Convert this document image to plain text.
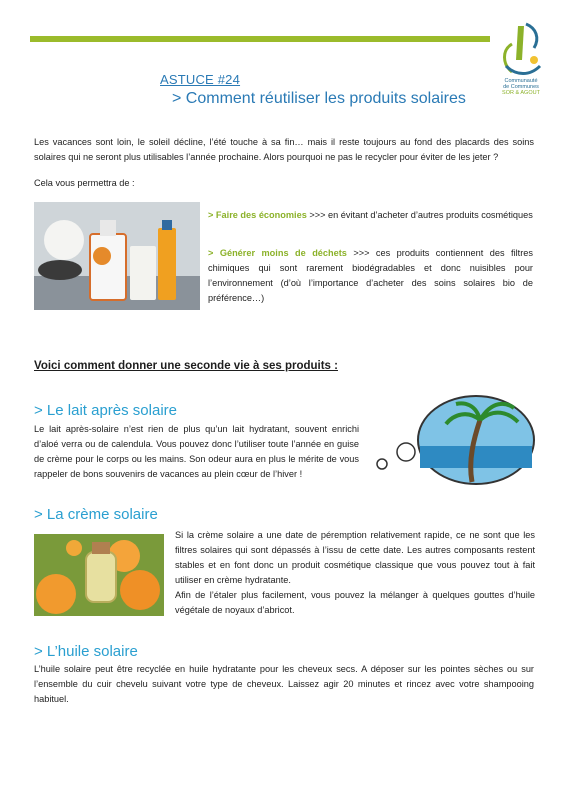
Communauté
de Communes
SOR & AGOUT
ASTUCE #24
> Comment réutiliser les produits solaires

Les vacances sont loin, le soleil décline, l’été touche à sa fin… mais il reste toujours au fond des placards des soins solaires qui ne seront plus utilisables l’année prochaine. Alors pourquoi ne pas le recycler pour éviter de les jeter ?

Cela vous permettra de :

> Faire des économies >>> en évitant d’acheter d’autres produits cosmétiques

> Générer moins de déchets >>> ces produits contiennent des filtres chimiques qui sont rarement biodégradables et donc nuisibles pour l’environnement (d’où l’importance d’acheter des soins solaires bio de préférence…)

Voici comment donner une seconde vie à ses produits :
> Le lait après solaire

Le lait après-solaire n’est rien de plus qu’un lait hydratant, souvent enrichi d’aloé verra ou de calendula. Vous pouvez donc l’utiliser toute l’année en guise de crème pour le corps ou les mains. Son odeur aura en plus le mérite de vous rappeler de bons souvenirs de vacances au plein cœur de l’hiver !

> La crème solaire

Si la crème solaire a une date de péremption relativement rapide, ce ne sont que les filtres solaires qui sont dépassés à l’issu de cette date. Les autres composants restent stables et en font donc un produit cosmétique classique que vous pouvez tout à fait utiliser en crème hydratante.

Afin de l’étaler plus facilement, vous pouvez la mélanger à quelques gouttes d’huile végétale de noyaux d’abricot.

> L’huile solaire

L’huile solaire peut être recyclée en huile hydratante pour les cheveux secs. A déposer sur les pointes sèches ou sur l’ensemble du cuir chevelu suivant votre type de cheveux. Laissez agir 20 minutes et rincez avec votre shampooing habituel.
